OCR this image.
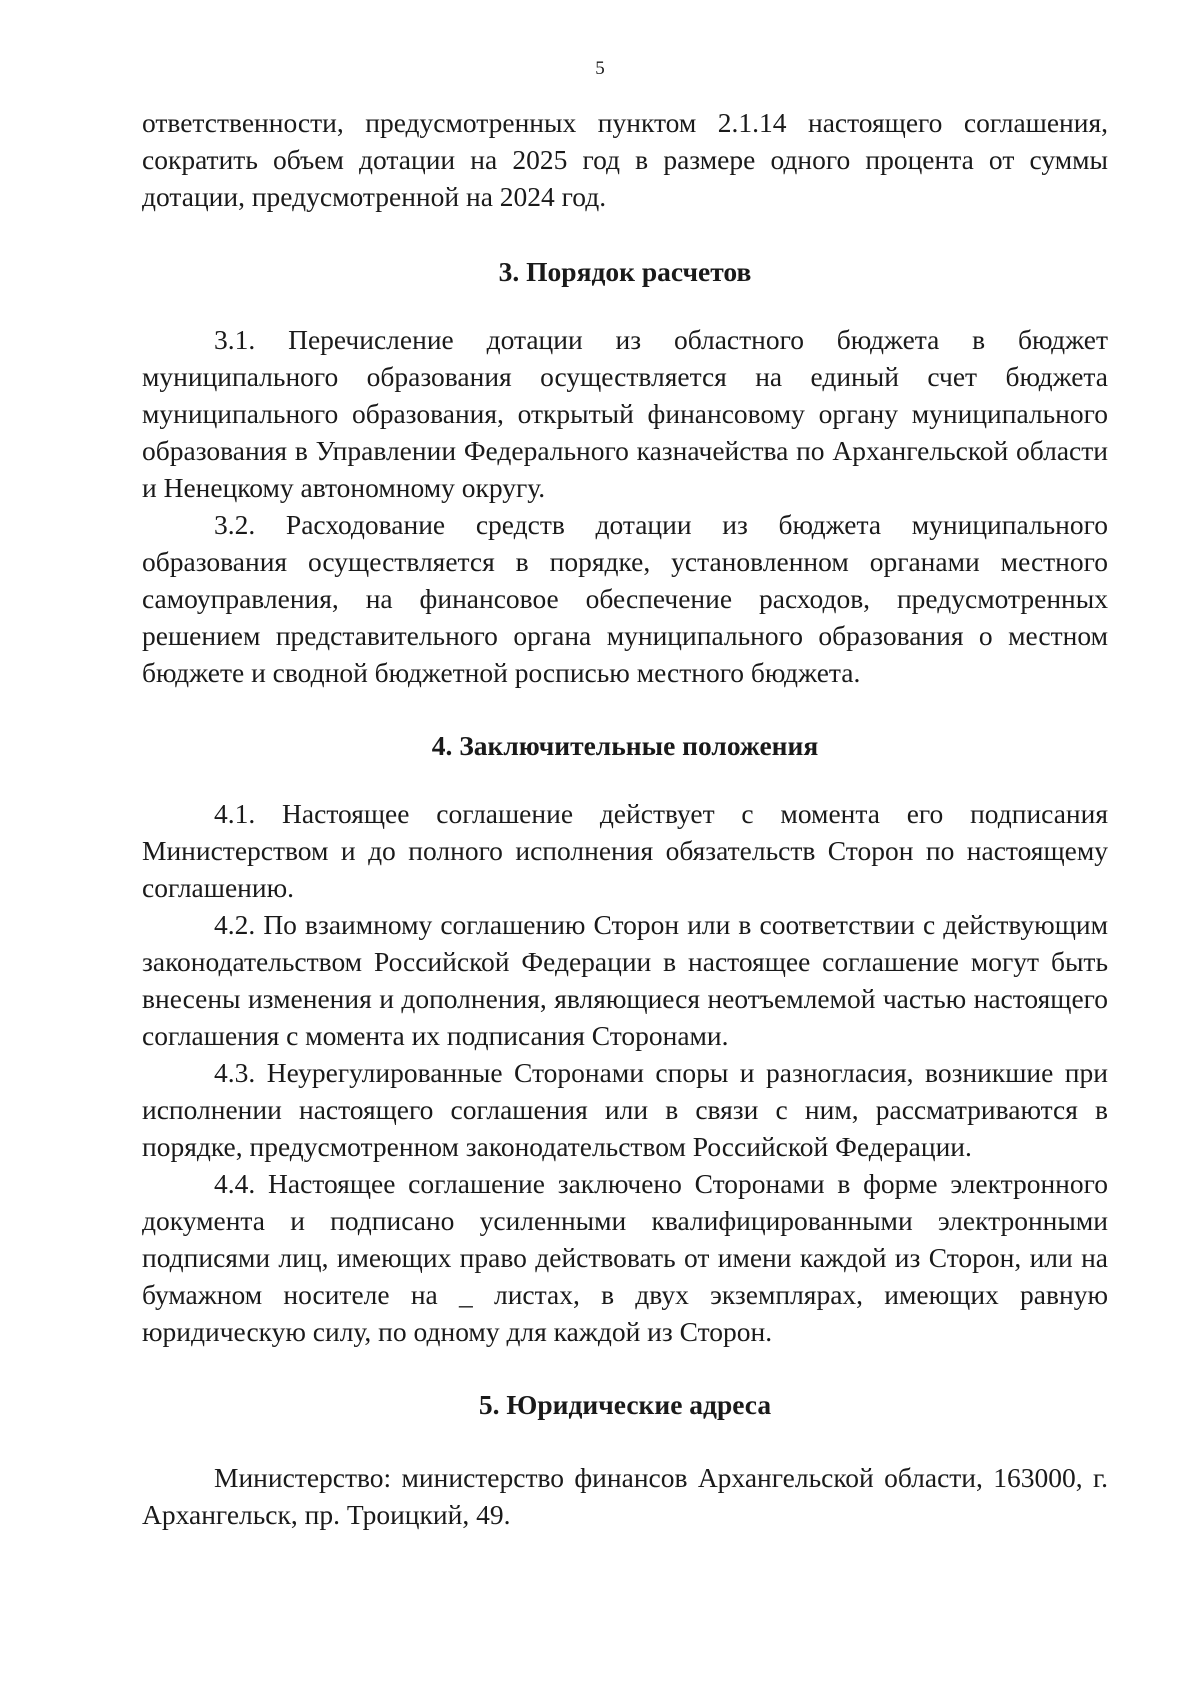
5

ответственности, предусмотренных пунктом 2.1.14 настоящего соглашения, сократить объем дотации на 2025 год в размере одного процента от суммы дотации, предусмотренной на 2024 год.

3. Порядок расчетов

3.1. Перечисление дотации из областного бюджета в бюджет муниципального образования осуществляется на единый счет бюджета муниципального образования, открытый финансовому органу муниципального образования в Управлении Федерального казначейства по Архангельской области и Ненецкому автономному округу.

3.2. Расходование средств дотации из бюджета муниципального образования осуществляется в порядке, установленном органами местного самоуправления, на финансовое обеспечение расходов, предусмотренных решением представительного органа муниципального образования о местном бюджете и сводной бюджетной росписью местного бюджета.

4. Заключительные положения

4.1. Настоящее соглашение действует с момента его подписания Министерством и до полного исполнения обязательств Сторон по настоящему соглашению.

4.2. По взаимному соглашению Сторон или в соответствии с действующим законодательством Российской Федерации в настоящее соглашение могут быть внесены изменения и дополнения, являющиеся неотъемлемой частью настоящего соглашения с момента их подписания Сторонами.

4.3. Неурегулированные Сторонами споры и разногласия, возникшие при исполнении настоящего соглашения или в связи с ним, рассматриваются в порядке, предусмотренном законодательством Российской Федерации.

4.4. Настоящее соглашение заключено Сторонами в форме электронного документа и подписано усиленными квалифицированными электронными подписями лиц, имеющих право действовать от имени каждой из Сторон, или на бумажном носителе на _ листах, в двух экземплярах, имеющих равную юридическую силу, по одному для каждой из Сторон.

5. Юридические адреса

Министерство: министерство финансов Архангельской области, 163000, г. Архангельск, пр. Троицкий, 49.
